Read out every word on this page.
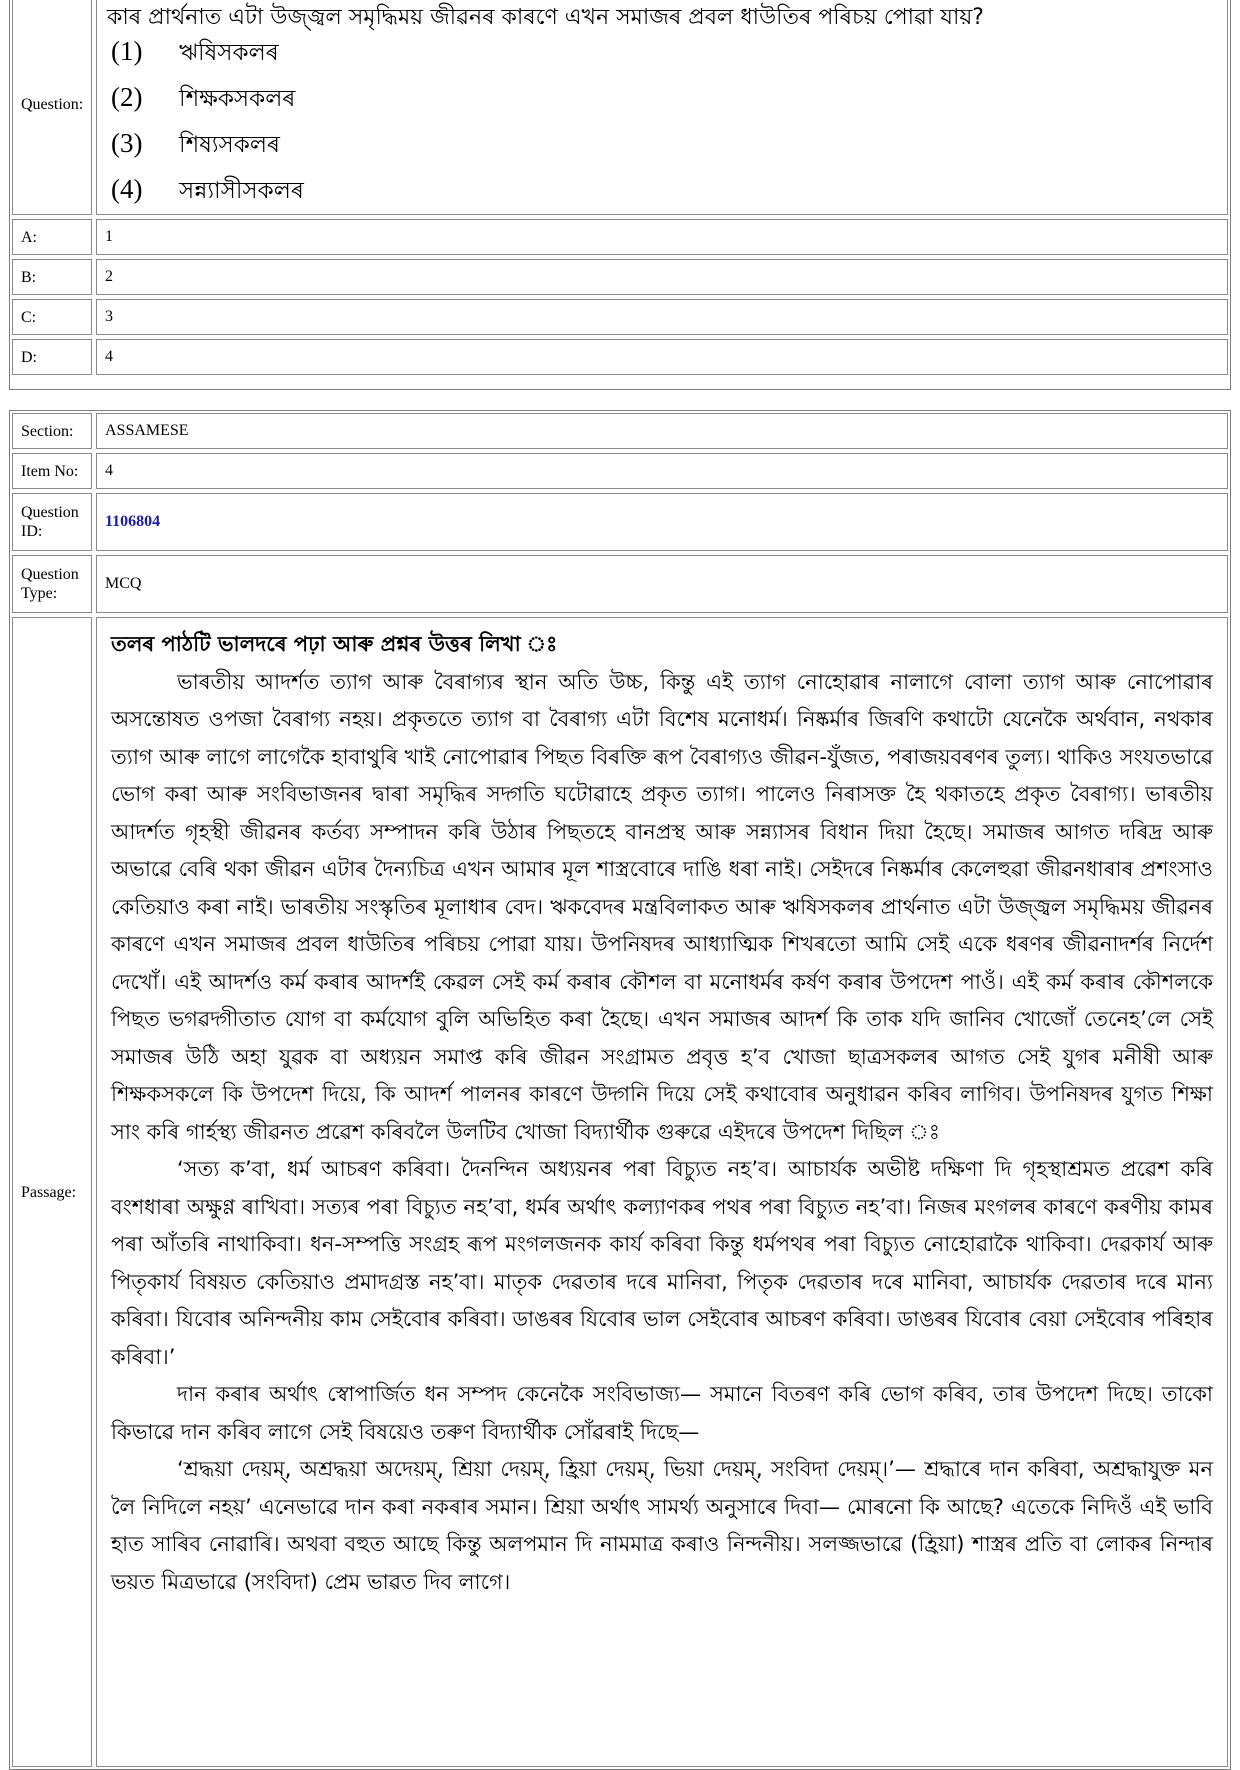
Question:
কাৰ প্ৰাৰ্থনাত এটা উজ্জ্বল সমৃদ্ধিময় জীৱনৰ কাৰণে এখন সমাজৰ প্ৰবল ধাউতিৰ পৰিচয় পোৱা যায়?
(1) ঋষিসকলৰ
(2) শিক্ষকসকলৰ
(3) শিষ্যসকলৰ
(4) সন্ন্যাসীসকলৰ
A:	1
B:	2
C:	3
D:	4
Section:	ASSAMESE
Item No:	4
Question ID:
1106804
Question Type:
MCQ
Passage:

তলৰ পাঠটি ভালদৰে পঢ়া আৰু প্ৰশ্নৰ উত্তৰ লিখা ঃ

ভাৰতীয় আদৰ্শত ত্যাগ আৰু বৈৰাগ্যৰ স্থান অতি উচ্চ, কিন্তু এই ত্যাগ নোহোৱাৰ নালাগে বোলা ত্যাগ আৰু নোপোৱাৰ অসন্তোষত ওপজা বৈৰাগ্য নহয়। প্ৰকৃততে ত্যাগ বা বৈৰাগ্য এটা বিশেষ মনোধৰ্ম। নিষ্কৰ্মাৰ জিৰণি কথাটো যেনেকৈ অৰ্থবান, নথকাৰ ত্যাগ আৰু লাগে লাগেকৈ হাবাথুৰি খাই নোপোৱাৰ পিছত বিৰক্তি ৰূপ বৈৰাগ্যও জীৱন-যুঁজত, পৰাজয়বৰণৰ তুল্য। থাকিও সংযতভাৱে ভোগ কৰা আৰু সংবিভাজনৰ দ্বাৰা সমৃদ্ধিৰ সদ্গতি ঘটোৱাহে প্ৰকৃত ত্যাগ। পালেও নিৰাসক্ত হৈ থকাতহে প্ৰকৃত বৈৰাগ্য। ভাৰতীয় আদৰ্শত গৃহস্থী জীৱনৰ কৰ্তব্য সম্পাদন কৰি উঠাৰ পিছতহে বানপ্ৰস্থ আৰু সন্ন্যাসৰ বিধান দিয়া হৈছে। সমাজৰ আগত দৰিদ্ৰ আৰু অভাৱে বেৰি থকা জীৱন এটাৰ দৈন্যচিত্ৰ এখন আমাৰ মূল শাস্ত্ৰবোৰে দাঙি ধৰা নাই। সেইদৰে নিষ্কৰ্মাৰ কেলেহুৱা জীৱনধাৰাৰ প্ৰশংসাও কেতিয়াও কৰা নাই। ভাৰতীয় সংস্কৃতিৰ মূলাধাৰ বেদ। ঋকবেদৰ মন্ত্ৰবিলাকত আৰু ঋষিসকলৰ প্ৰাৰ্থনাত এটা উজ্জ্বল সমৃদ্ধিময় জীৱনৰ কাৰণে এখন সমাজৰ প্ৰবল ধাউতিৰ পৰিচয় পোৱা যায়। উপনিষদৰ আধ্যাত্মিক শিখৰতো আমি সেই একে ধৰণৰ জীৱনাদৰ্শৰ নিৰ্দেশ দেখোঁ। এই আদৰ্শও কৰ্ম কৰাৰ আদৰ্শই কেৱল সেই কৰ্ম কৰাৰ কৌশল বা মনোধৰ্মৰ কৰ্ষণ কৰাৰ উপদেশ পাওঁ। এই কৰ্ম কৰাৰ কৌশলকে পিছত ভগৱদ্গীতাত যোগ বা কৰ্মযোগ বুলি অভিহিত কৰা হৈছে। এখন সমাজৰ আদৰ্শ কি তাক যদি জানিব খোজোঁ তেনেহ’লে সেই সমাজৰ উঠি অহা যুৱক বা অধ্যয়ন সমাপ্ত কৰি জীৱন সংগ্ৰামত প্ৰবৃত্ত হ’ব খোজা ছাত্ৰসকলৰ আগত সেই যুগৰ মনীষী আৰু শিক্ষকসকলে কি উপদেশ দিয়ে, কি আদৰ্শ পালনৰ কাৰণে উদ্গনি দিয়ে সেই কথাবোৰ অনুধাৱন কৰিব লাগিব। উপনিষদৰ যুগত শিক্ষা সাং কৰি গাৰ্হস্থ্য জীৱনত প্ৰৱেশ কৰিবলৈ উলটিব খোজা বিদ্যাৰ্থীক গুৰুৱে এইদৰে উপদেশ দিছিল ঃ

‘সত্য ক’বা, ধৰ্ম আচৰণ কৰিবা। দৈনন্দিন অধ্যয়নৰ পৰা বিচ্যুত নহ’ব। আচাৰ্যক অভীষ্ট দক্ষিণা দি গৃহস্থাশ্ৰমত প্ৰৱেশ কৰি বংশধাৰা অক্ষুণ্ণ ৰাখিবা। সত্যৰ পৰা বিচ্যুত নহ’বা, ধৰ্মৰ অৰ্থাৎ কল্যাণকৰ পথৰ পৰা বিচ্যুত নহ’বা। নিজৰ মংগলৰ কাৰণে কৰণীয় কামৰ পৰা আঁতৰি নাথাকিবা। ধন-সম্পত্তি সংগ্ৰহ ৰূপ মংগলজনক কাৰ্য কৰিবা কিন্তু ধৰ্মপথৰ পৰা বিচ্যুত নোহোৱাকৈ থাকিবা। দেৱকাৰ্য আৰু পিতৃকাৰ্য বিষয়ত কেতিয়াও প্ৰমাদগ্ৰস্ত নহ’বা। মাতৃক দেৱতাৰ দৰে মানিবা, পিতৃক দেৱতাৰ দৰে মানিবা, আচাৰ্যক দেৱতাৰ দৰে মান্য কৰিবা। যিবোৰ অনিন্দনীয় কাম সেইবোৰ কৰিবা। ডাঙৰৰ যিবোৰ ভাল সেইবোৰ আচৰণ কৰিবা। ডাঙৰৰ যিবোৰ বেয়া সেইবোৰ পৰিহাৰ কৰিবা।’

দান কৰাৰ অৰ্থাৎ স্বোপাৰ্জিত ধন সম্পদ কেনেকৈ সংবিভাজ্য— সমানে বিতৰণ কৰি ভোগ কৰিব, তাৰ উপদেশ দিছে। তাকো কিভাৱে দান কৰিব লাগে সেই বিষয়েও তৰুণ বিদ্যাৰ্থীক সোঁৱৰাই দিছে—

‘শ্ৰদ্ধয়া দেয়ম্, অশ্ৰদ্ধয়া অদেয়ম্, শ্ৰিয়া দেয়ম্, হ্ৰিয়া দেয়ম্, ভিয়া দেয়ম্, সংবিদা দেয়ম্।’— শ্ৰদ্ধাৰে দান কৰিবা, অশ্ৰদ্ধাযুক্ত মন লৈ নিদিলে নহয়’ এনেভাৱে দান কৰা নকৰাৰ সমান। শ্ৰিয়া অৰ্থাৎ সামৰ্থ্য অনুসাৰে দিবা— মোৰনো কি আছে? এতেকে নিদিওঁ এই ভাবি হাত সাৰিব নোৱাৰি। অথবা বহুত আছে কিন্তু অলপমান দি নামমাত্ৰ কৰাও নিন্দনীয়। সলজ্জভাৱে (হ্ৰিয়া) শাস্ত্ৰৰ প্ৰতি বা লোকৰ নিন্দাৰ ভয়ত মিত্ৰভাৱে (সংবিদা) প্ৰেম ভাৱত দিব লাগে।
